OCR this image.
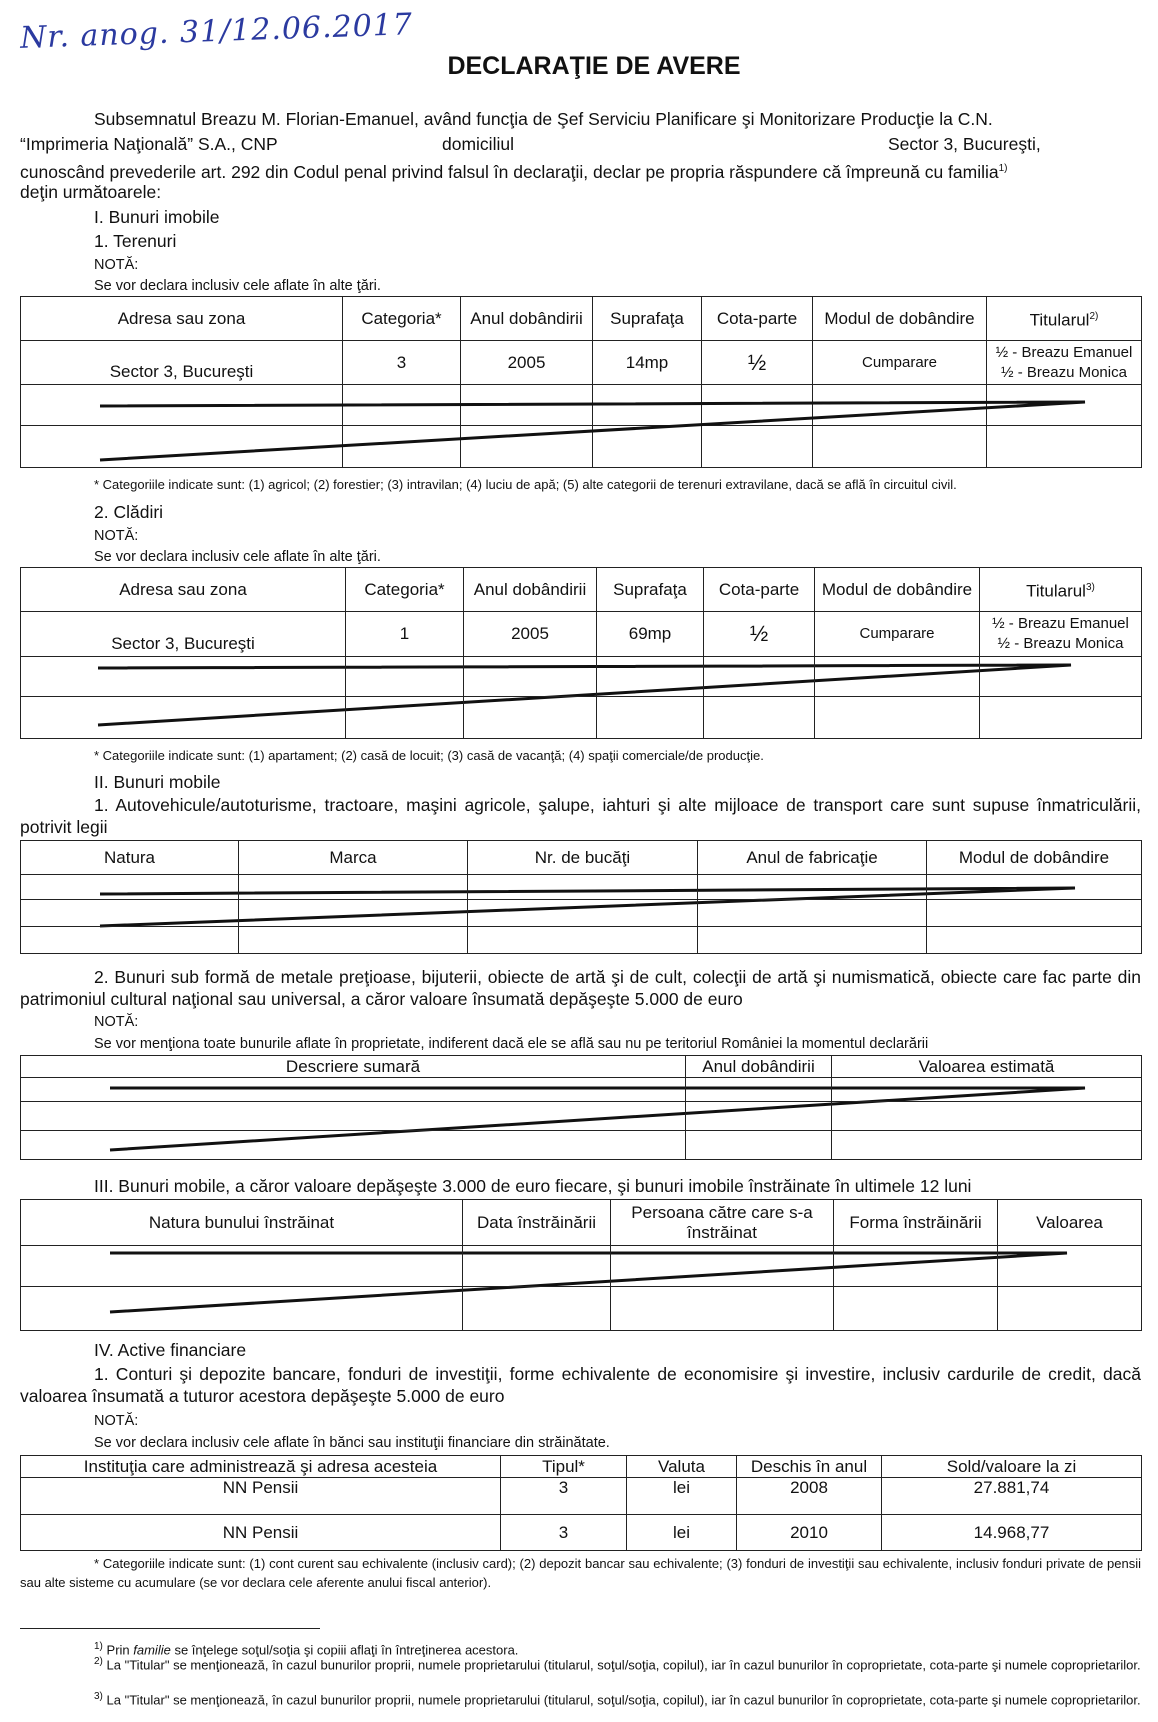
Nr. anog. 31/12.06.2017
DECLARAŢIE DE AVERE
Subsemnatul Breazu M. Florian-Emanuel, având funcţia de Şef Serviciu Planificare şi Monitorizare Producţie la C.N.
“Imprimeria Naţională” S.A., CNP	domiciliul	Sector 3, Bucureşti,
cunoscând prevederile art. 292 din Codul penal privind falsul în declaraţii, declar pe propria răspundere că împreună cu familia$^{1)}$
deţin următoarele:
I. Bunuri imobile
1. Terenuri
NOTĂ:
Se vor declara inclusiv cele aflate în alte ţări.
Adresa sau zona	Categoria*	Anul dobândirii	Suprafaţa	Cota-parte	Modul de dobândire	Titularul$^{2)}$
Sector 3, Bucureşti	3	2005	14mp	½	Cumparare	½ - Breazu Emanuel
½ - Breazu Monica

* Categoriile indicate sunt: (1) agricol; (2) forestier; (3) intravilan; (4) luciu de apă; (5) alte categorii de terenuri extravilane, dacă se află în circuitul civil.
2. Clădiri
NOTĂ:
Se vor declara inclusiv cele aflate în alte ţări.
Adresa sau zona	Categoria*	Anul dobândirii	Suprafaţa	Cota-parte	Modul de dobândire	Titularul$^{3)}$
Sector 3, Bucureşti	1	2005	69mp	½	Cumparare	½ - Breazu Emanuel
½ - Breazu Monica

* Categoriile indicate sunt: (1) apartament; (2) casă de locuit; (3) casă de vacanţă; (4) spaţii comerciale/de producţie.
II. Bunuri mobile
1. Autovehicule/autoturisme, tractoare, maşini agricole, şalupe, iahturi şi alte mijloace de transport care sunt supuse înmatriculării, potrivit legii
Natura	Marca	Nr. de bucăţi	Anul de fabricaţie	Modul de dobândire

2. Bunuri sub formă de metale preţioase, bijuterii, obiecte de artă şi de cult, colecţii de artă şi numismatică, obiecte care fac parte din patrimoniul cultural naţional sau universal, a căror valoare însumată depăşeşte 5.000 de euro
NOTĂ:
Se vor menţiona toate bunurile aflate în proprietate, indiferent dacă ele se află sau nu pe teritoriul României la momentul declarării
Descriere sumară	Anul dobândirii	Valoarea estimată

III. Bunuri mobile, a căror valoare depăşeşte 3.000 de euro fiecare, şi bunuri imobile înstrăinate în ultimele 12 luni
Natura bunului înstrăinat	Data înstrăinării	Persoana către care s-a înstrăinat	Forma înstrăinării	Valoarea

IV. Active financiare
1. Conturi şi depozite bancare, fonduri de investiţii, forme echivalente de economisire şi investire, inclusiv cardurile de credit, dacă valoarea însumată a tuturor acestora depăşeşte 5.000 de euro
NOTĂ:
Se vor declara inclusiv cele aflate în bănci sau instituţii financiare din străinătate.
Instituţia care administrează şi adresa acesteia	Tipul*	Valuta	Deschis în anul	Sold/valoare la zi
NN Pensii	3	lei	2008	27.881,74
NN Pensii	3	lei	2010	14.968,77
* Categoriile indicate sunt: (1) cont curent sau echivalente (inclusiv card); (2) depozit bancar sau echivalente; (3) fonduri de investiţii sau echivalente, inclusiv fonduri private de pensii sau alte sisteme cu acumulare (se vor declara cele aferente anului fiscal anterior).
$^{1)}$ Prin familie se înţelege soţul/soţia şi copiii aflaţi în întreţinerea acestora.
$^{2)}$ La "Titular" se menţionează, în cazul bunurilor proprii, numele proprietarului (titularul, soţul/soţia, copilul), iar în cazul bunurilor în coproprietate, cota-parte şi numele coproprietarilor.
$^{3)}$ La "Titular" se menţionează, în cazul bunurilor proprii, numele proprietarului (titularul, soţul/soţia, copilul), iar în cazul bunurilor în coproprietate, cota-parte şi numele coproprietarilor.
